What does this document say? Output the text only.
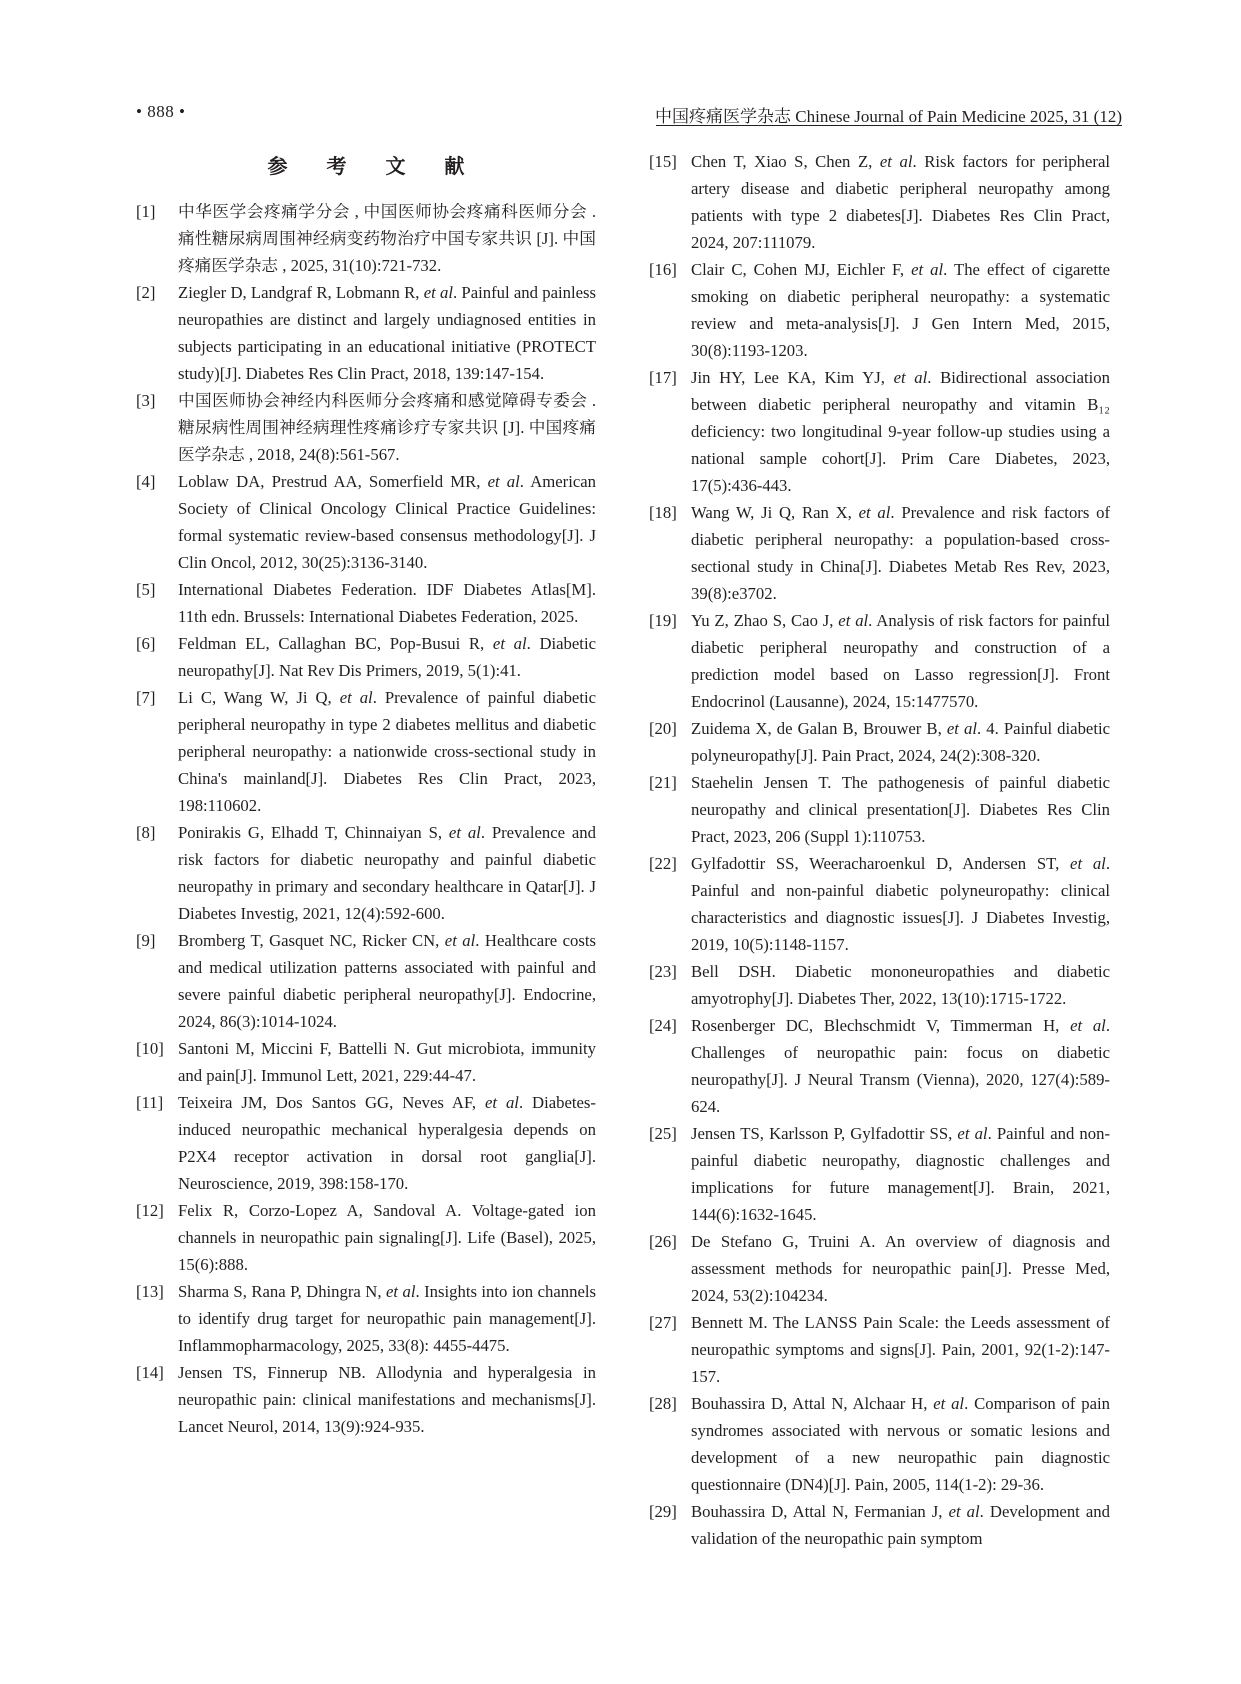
• 888 •	中国疼痛医学杂志 Chinese Journal of Pain Medicine 2025, 31 (12)
参 考 文 献
[1] 中华医学会疼痛学分会 , 中国医师协会疼痛科医师分会 . 痛性糖尿病周围神经病变药物治疗中国专家共识 [J]. 中国疼痛医学杂志 , 2025, 31(10):721-732.
[2] Ziegler D, Landgraf R, Lobmann R, et al. Painful and painless neuropathies are distinct and largely undiagnosed entities in subjects participating in an educational initiative (PROTECT study)[J]. Diabetes Res Clin Pract, 2018, 139:147-154.
[3] 中国医师协会神经内科医师分会疼痛和感觉障碍专委会 . 糖尿病性周围神经病理性疼痛诊疗专家共识 [J]. 中国疼痛医学杂志 , 2018, 24(8):561-567.
[4] Loblaw DA, Prestrud AA, Somerfield MR, et al. American Society of Clinical Oncology Clinical Practice Guidelines: formal systematic review-based consensus methodology[J]. J Clin Oncol, 2012, 30(25):3136-3140.
[5] International Diabetes Federation. IDF Diabetes Atlas[M]. 11th edn. Brussels: International Diabetes Federation, 2025.
[6] Feldman EL, Callaghan BC, Pop-Busui R, et al. Diabetic neuropathy[J]. Nat Rev Dis Primers, 2019, 5(1):41.
[7] Li C, Wang W, Ji Q, et al. Prevalence of painful diabetic peripheral neuropathy in type 2 diabetes mellitus and diabetic peripheral neuropathy: a nationwide cross-sectional study in China's mainland[J]. Diabetes Res Clin Pract, 2023, 198:110602.
[8] Ponirakis G, Elhadd T, Chinnaiyan S, et al. Prevalence and risk factors for diabetic neuropathy and painful diabetic neuropathy in primary and secondary healthcare in Qatar[J]. J Diabetes Investig, 2021, 12(4):592-600.
[9] Bromberg T, Gasquet NC, Ricker CN, et al. Healthcare costs and medical utilization patterns associated with painful and severe painful diabetic peripheral neuropathy[J]. Endocrine, 2024, 86(3):1014-1024.
[10] Santoni M, Miccini F, Battelli N. Gut microbiota, immunity and pain[J]. Immunol Lett, 2021, 229:44-47.
[11] Teixeira JM, Dos Santos GG, Neves AF, et al. Diabetes-induced neuropathic mechanical hyperalgesia depends on P2X4 receptor activation in dorsal root ganglia[J]. Neuroscience, 2019, 398:158-170.
[12] Felix R, Corzo-Lopez A, Sandoval A. Voltage-gated ion channels in neuropathic pain signaling[J]. Life (Basel), 2025, 15(6):888.
[13] Sharma S, Rana P, Dhingra N, et al. Insights into ion channels to identify drug target for neuropathic pain management[J]. Inflammopharmacology, 2025, 33(8): 4455-4475.
[14] Jensen TS, Finnerup NB. Allodynia and hyperalgesia in neuropathic pain: clinical manifestations and mechanisms[J]. Lancet Neurol, 2014, 13(9):924-935.
[15] Chen T, Xiao S, Chen Z, et al. Risk factors for peripheral artery disease and diabetic peripheral neuropathy among patients with type 2 diabetes[J]. Diabetes Res Clin Pract, 2024, 207:111079.
[16] Clair C, Cohen MJ, Eichler F, et al. The effect of cigarette smoking on diabetic peripheral neuropathy: a systematic review and meta-analysis[J]. J Gen Intern Med, 2015, 30(8):1193-1203.
[17] Jin HY, Lee KA, Kim YJ, et al. Bidirectional association between diabetic peripheral neuropathy and vitamin B₁₂ deficiency: two longitudinal 9-year follow-up studies using a national sample cohort[J]. Prim Care Diabetes, 2023, 17(5):436-443.
[18] Wang W, Ji Q, Ran X, et al. Prevalence and risk factors of diabetic peripheral neuropathy: a population-based cross-sectional study in China[J]. Diabetes Metab Res Rev, 2023, 39(8):e3702.
[19] Yu Z, Zhao S, Cao J, et al. Analysis of risk factors for painful diabetic peripheral neuropathy and construction of a prediction model based on Lasso regression[J]. Front Endocrinol (Lausanne), 2024, 15:1477570.
[20] Zuidema X, de Galan B, Brouwer B, et al. 4. Painful diabetic polyneuropathy[J]. Pain Pract, 2024, 24(2):308-320.
[21] Staehelin Jensen T. The pathogenesis of painful diabetic neuropathy and clinical presentation[J]. Diabetes Res Clin Pract, 2023, 206 (Suppl 1):110753.
[22] Gylfadottir SS, Weeracharoenkul D, Andersen ST, et al. Painful and non-painful diabetic polyneuropathy: clinical characteristics and diagnostic issues[J]. J Diabetes Investig, 2019, 10(5):1148-1157.
[23] Bell DSH. Diabetic mononeuropathies and diabetic amyotrophy[J]. Diabetes Ther, 2022, 13(10):1715-1722.
[24] Rosenberger DC, Blechschmidt V, Timmerman H, et al. Challenges of neuropathic pain: focus on diabetic neuropathy[J]. J Neural Transm (Vienna), 2020, 127(4):589-624.
[25] Jensen TS, Karlsson P, Gylfadottir SS, et al. Painful and non-painful diabetic neuropathy, diagnostic challenges and implications for future management[J]. Brain, 2021, 144(6):1632-1645.
[26] De Stefano G, Truini A. An overview of diagnosis and assessment methods for neuropathic pain[J]. Presse Med, 2024, 53(2):104234.
[27] Bennett M. The LANSS Pain Scale: the Leeds assessment of neuropathic symptoms and signs[J]. Pain, 2001, 92(1-2):147-157.
[28] Bouhassira D, Attal N, Alchaar H, et al. Comparison of pain syndromes associated with nervous or somatic lesions and development of a new neuropathic pain diagnostic questionnaire (DN4)[J]. Pain, 2005, 114(1-2): 29-36.
[29] Bouhassira D, Attal N, Fermanian J, et al. Development and validation of the neuropathic pain symptom
